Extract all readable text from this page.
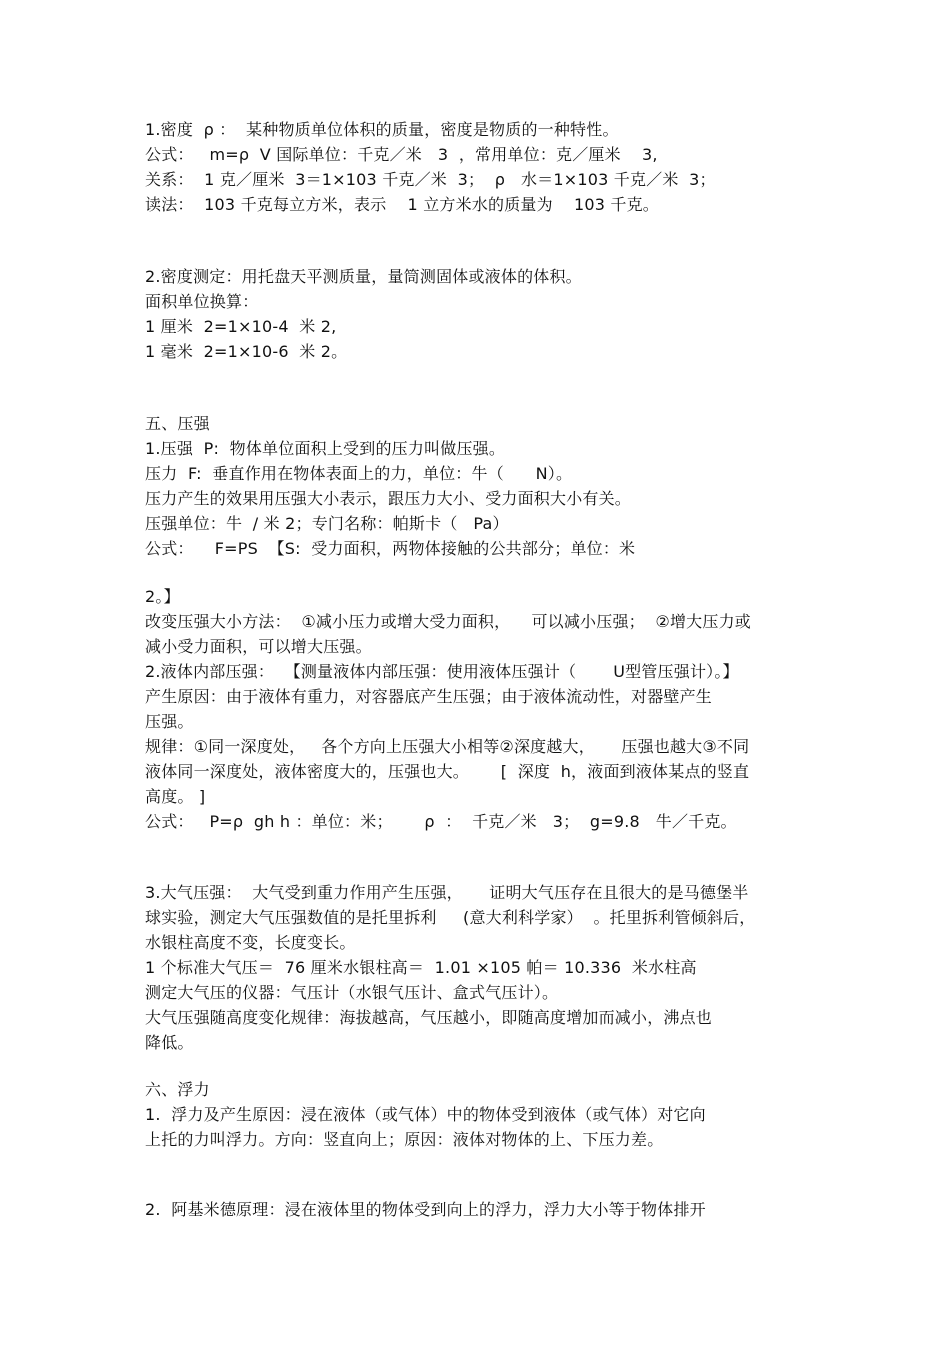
1.密度  ρ ：  某种物质单位体积的质量，密度是物质的一种特性。
公式：   m=ρ  V 国际单位：千克／米   3  ，常用单位：克／厘米    3,
关系：  1 克／厘米  3＝1×103 千克／米  3；  ρ   水＝1×103 千克／米  3；
读法：  103 千克每立方米，表示    1 立方米水的质量为    103 千克。
2.密度测定：用托盘天平测质量，量筒测固体或液体的体积。
面积单位换算：
1 厘米  2=1×10-4  米 2,
1 毫米  2=1×10-6  米 2。
五、压强
1.压强  P:  物体单位面积上受到的压力叫做压强。
压力  F:  垂直作用在物体表面上的力，单位：牛（      N）。
压力产生的效果用压强大小表示，跟压力大小、受力面积大小有关。
压强单位：牛  / 米 2；专门名称：帕斯卡（   Pa）
公式：    F=PS  【S:  受力面积，两物体接触的公共部分；单位：米
2。】
改变压强大小方法：  ①减小压力或增大受力面积，    可以减小压强；  ②增大压力或
减小受力面积，可以增大压强。
2.液体内部压强：  【测量液体内部压强：使用液体压强计（       U型管压强计）。】
产生原因：由于液体有重力，对容器底产生压强；由于液体流动性，对器壁产生
压强。
规律：①同一深度处，   各个方向上压强大小相等②深度越大，     压强也越大③不同
液体同一深度处，液体密度大的，压强也大。      [  深度  h，液面到液体某点的竖直
高度。 ]
公式：   P=ρ  gh h ：单位：米；      ρ  ：  千克／米   3；  g=9.8   牛／千克。
3.大气压强：  大气受到重力作用产生压强，     证明大气压存在且很大的是马德堡半
球实验，测定大气压强数值的是托里拆利     (意大利科学家）  。托里拆利管倾斜后，
水银柱高度不变，长度变长。
1 个标准大气压＝  76 厘米水银柱高＝  1.01 ×105 帕＝ 10.336  米水柱高
测定大气压的仪器：气压计（水银气压计、盒式气压计）。
大气压强随高度变化规律：海拔越高，气压越小，即随高度增加而减小，沸点也
降低。
六、浮力
1.  浮力及产生原因：浸在液体（或气体）中的物体受到液体（或气体）对它向
上托的力叫浮力。方向：竖直向上；原因：液体对物体的上、下压力差。
2.  阿基米德原理：浸在液体里的物体受到向上的浮力，浮力大小等于物体排开
